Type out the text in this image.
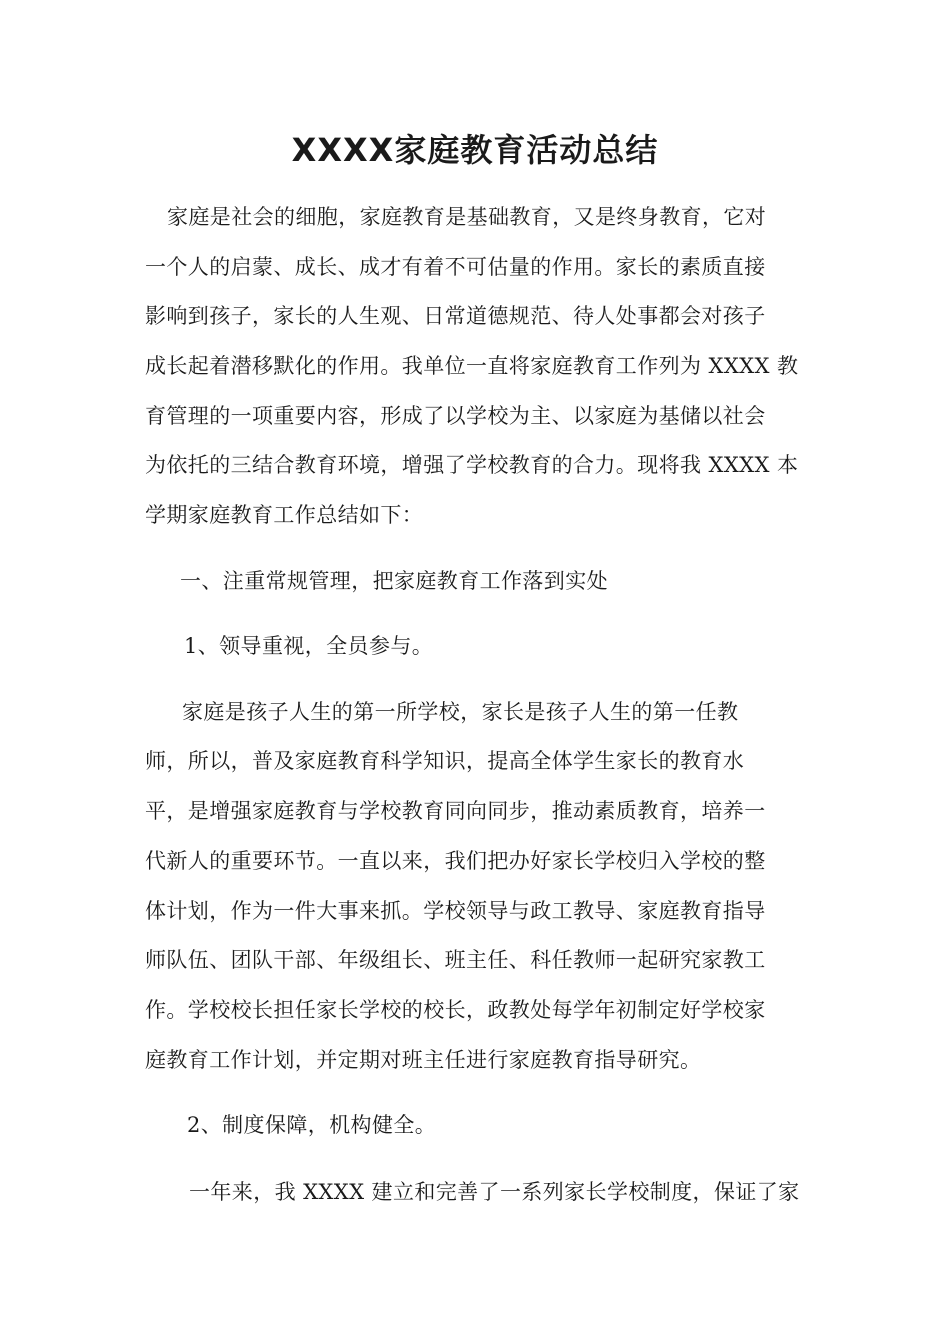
XXXX家庭教育活动总结
家庭是社会的细胞，家庭教育是基础教育，又是终身教育，它对
一个人的启蒙、成长、成才有着不可估量的作用。家长的素质直接
影响到孩子，家长的人生观、日常道德规范、待人处事都会对孩子
成长起着潜移默化的作用。我单位一直将家庭教育工作列为 XXXX 教
育管理的一项重要内容，形成了以学校为主、以家庭为基储以社会
为依托的三结合教育环境，增强了学校教育的合力。现将我 XXXX 本
学期家庭教育工作总结如下：
一、注重常规管理，把家庭教育工作落到实处
1、领导重视，全员参与。
家庭是孩子人生的第一所学校，家长是孩子人生的第一任教
师，所以，普及家庭教育科学知识，提高全体学生家长的教育水
平，是增强家庭教育与学校教育同向同步，推动素质教育，培养一
代新人的重要环节。一直以来，我们把办好家长学校归入学校的整
体计划，作为一件大事来抓。学校领导与政工教导、家庭教育指导
师队伍、团队干部、年级组长、班主任、科任教师一起研究家教工
作。学校校长担任家长学校的校长，政教处每学年初制定好学校家
庭教育工作计划，并定期对班主任进行家庭教育指导研究。
2、制度保障，机构健全。
一年来，我 XXXX 建立和完善了一系列家长学校制度，保证了家
